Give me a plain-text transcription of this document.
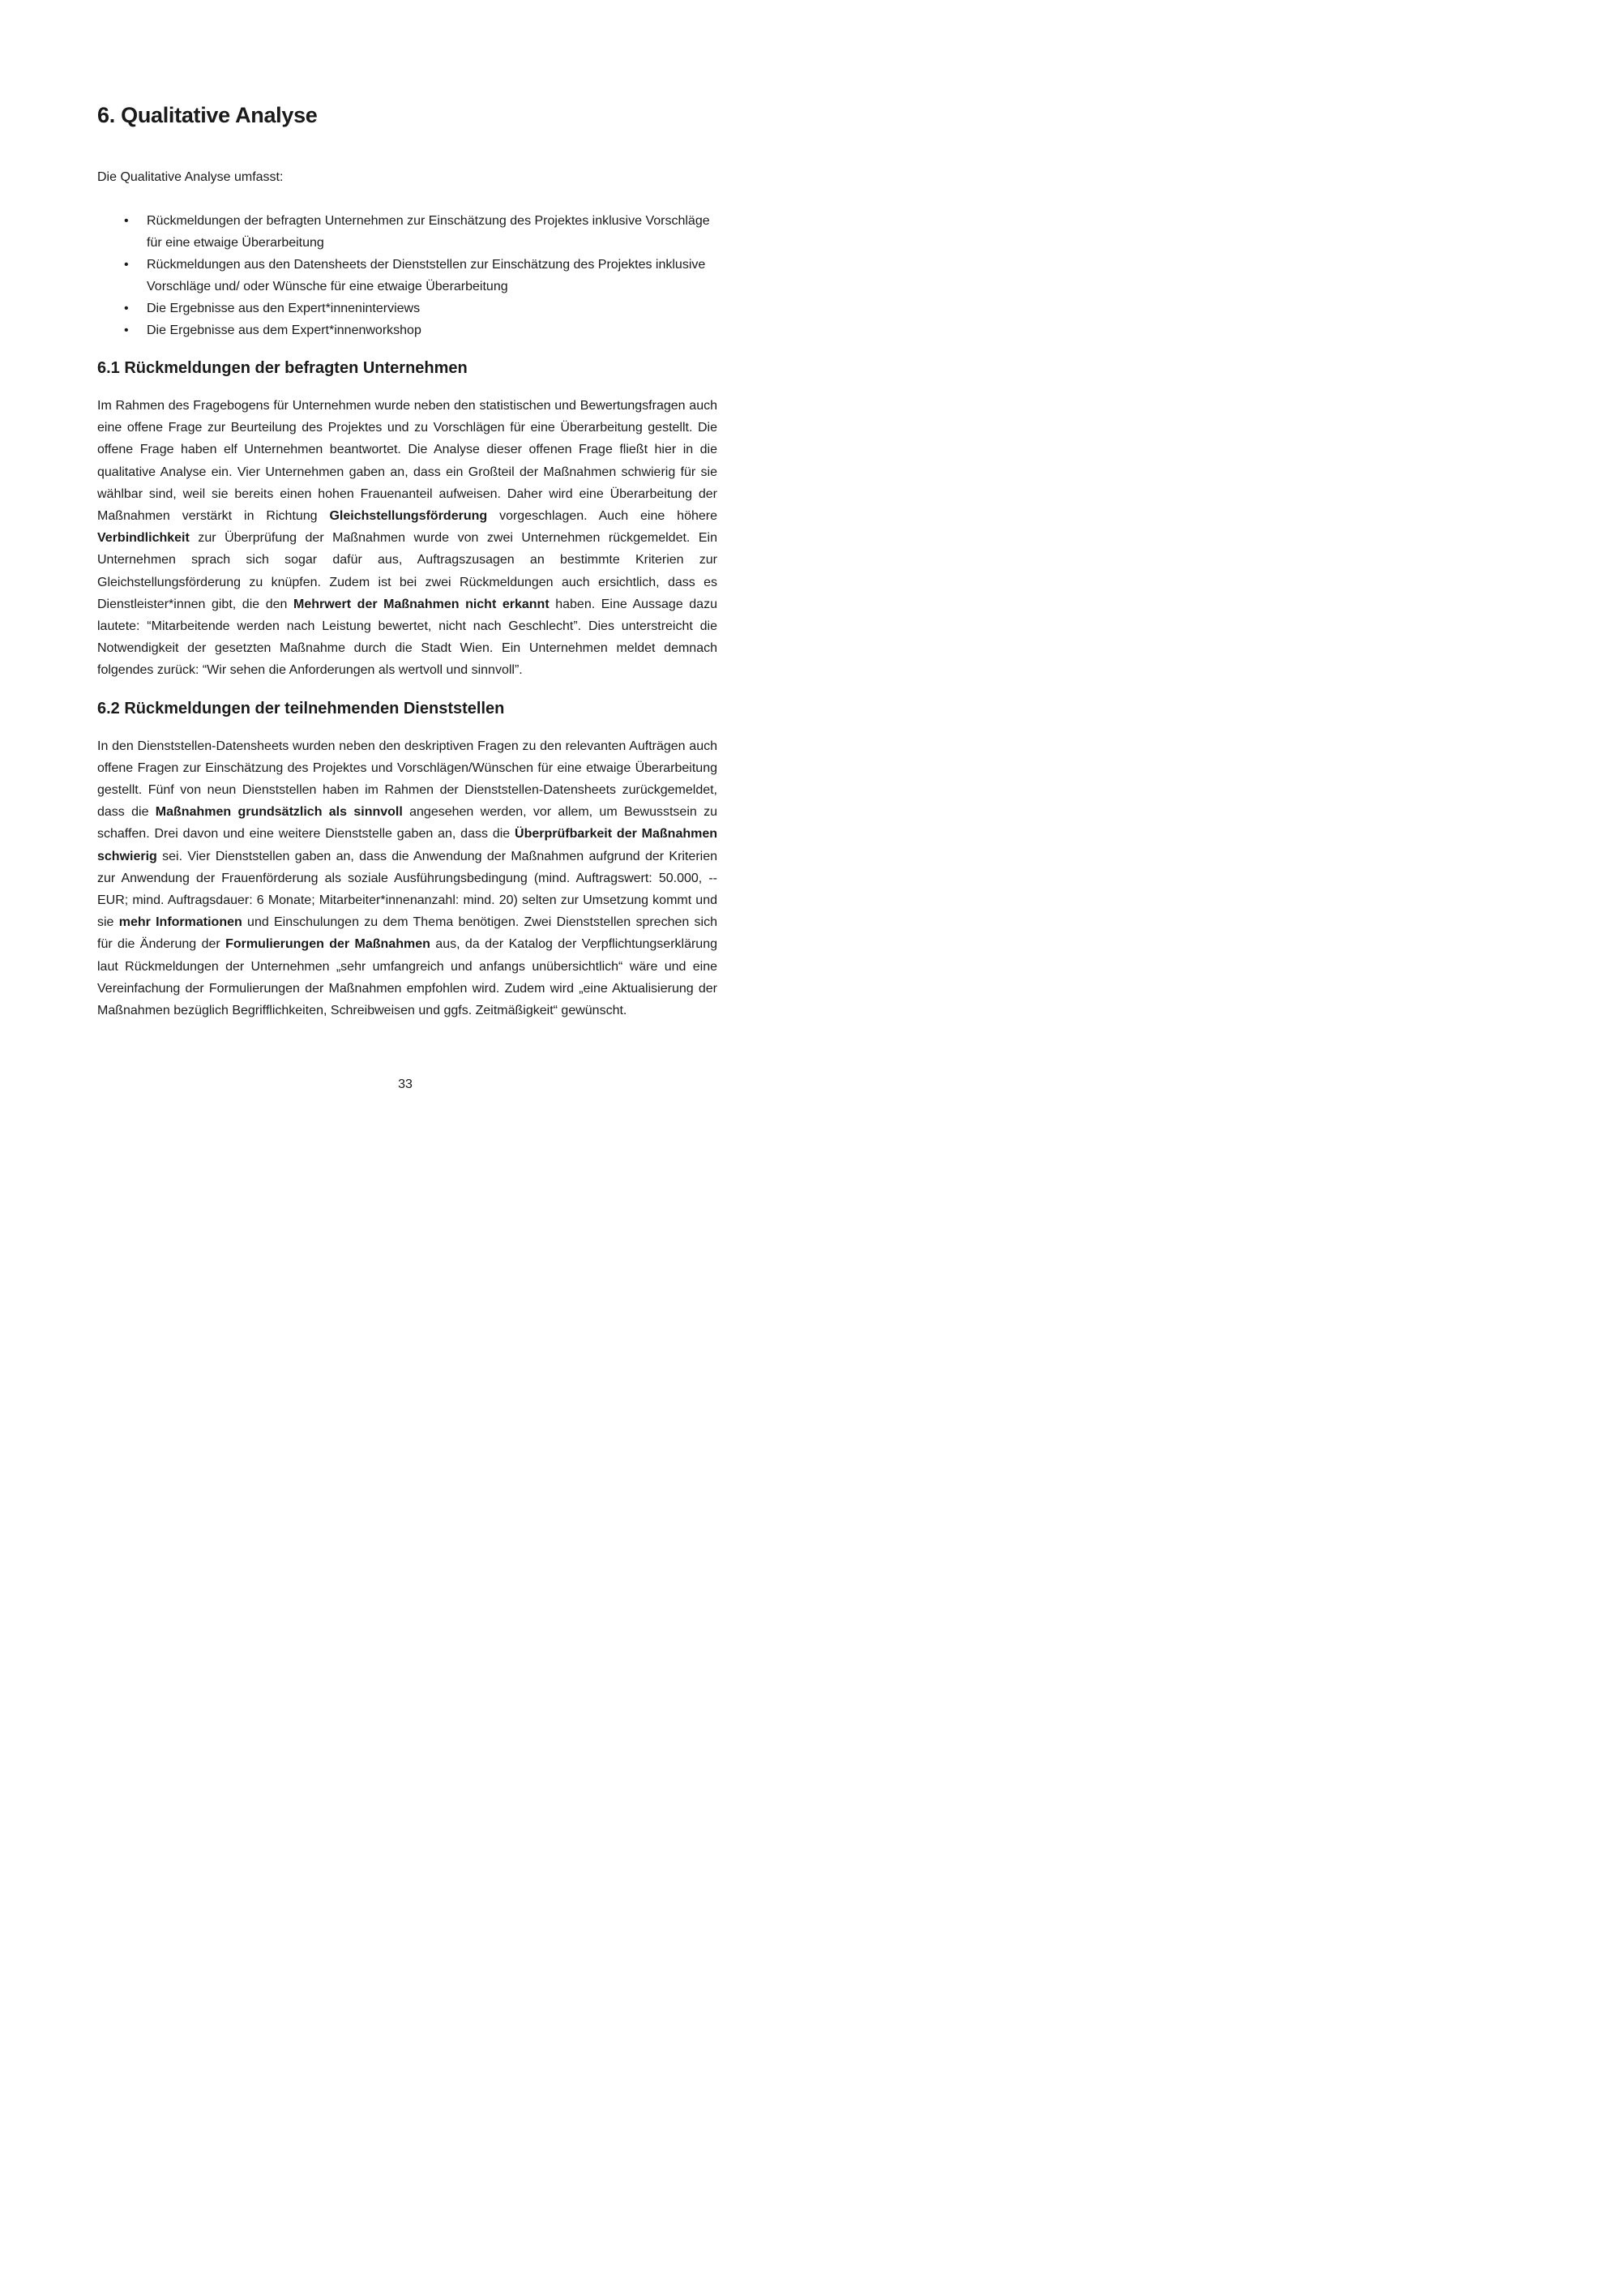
6. Qualitative Analyse

Die Qualitative Analyse umfasst:

• Rückmeldungen der befragten Unternehmen zur Einschätzung des Projektes inklusive Vorschläge für eine etwaige Überarbeitung
• Rückmeldungen aus den Datensheets der Dienststellen zur Einschätzung des Projektes inklusive Vorschläge und/ oder Wünsche für eine etwaige Überarbeitung
• Die Ergebnisse aus den Expert*inneninterviews
• Die Ergebnisse aus dem Expert*innenworkshop
6.1 Rückmeldungen der befragten Unternehmen

Im Rahmen des Fragebogens für Unternehmen wurde neben den statistischen und Bewertungsfragen auch eine offene Frage zur Beurteilung des Projektes und zu Vorschlägen für eine Überarbeitung gestellt. Die offene Frage haben elf Unternehmen beantwortet. Die Analyse dieser offenen Frage fließt hier in die qualitative Analyse ein. Vier Unternehmen gaben an, dass ein Großteil der Maßnahmen schwierig für sie wählbar sind, weil sie bereits einen hohen Frauenanteil aufweisen. Daher wird eine Überarbeitung der Maßnahmen verstärkt in Richtung Gleichstellungsförderung vorgeschlagen. Auch eine höhere Verbindlichkeit zur Überprüfung der Maßnahmen wurde von zwei Unternehmen rückgemeldet. Ein Unternehmen sprach sich sogar dafür aus, Auftragszusagen an bestimmte Kriterien zur Gleichstellungsförderung zu knüpfen. Zudem ist bei zwei Rückmeldungen auch ersichtlich, dass es Dienstleister*innen gibt, die den Mehrwert der Maßnahmen nicht erkannt haben. Eine Aussage dazu lautete: “Mitarbeitende werden nach Leistung bewertet, nicht nach Geschlecht”. Dies unterstreicht die Notwendigkeit der gesetzten Maßnahme durch die Stadt Wien. Ein Unternehmen meldet demnach folgendes zurück: “Wir sehen die Anforderungen als wertvoll und sinnvoll”.

6.2 Rückmeldungen der teilnehmenden Dienststellen

In den Dienststellen-Datensheets wurden neben den deskriptiven Fragen zu den relevanten Aufträgen auch offene Fragen zur Einschätzung des Projektes und Vorschlägen/Wünschen für eine etwaige Überarbeitung gestellt. Fünf von neun Dienststellen haben im Rahmen der Dienststellen-Datensheets zurückgemeldet, dass die Maßnahmen grundsätzlich als sinnvoll angesehen werden, vor allem, um Bewusstsein zu schaffen. Drei davon und eine weitere Dienststelle gaben an, dass die Überprüfbarkeit der Maßnahmen schwierig sei. Vier Dienststellen gaben an, dass die Anwendung der Maßnahmen aufgrund der Kriterien zur Anwendung der Frauenförderung als soziale Ausführungsbedingung (mind. Auftragswert: 50.000, -- EUR; mind. Auftragsdauer: 6 Monate; Mitarbeiter*innenanzahl: mind. 20) selten zur Umsetzung kommt und sie mehr Informationen und Einschulungen zu dem Thema benötigen. Zwei Dienststellen sprechen sich für die Änderung der Formulierungen der Maßnahmen aus, da der Katalog der Verpflichtungserklärung laut Rückmeldungen der Unternehmen „sehr umfangreich und anfangs unübersichtlich“ wäre und eine Vereinfachung der Formulierungen der Maßnahmen empfohlen wird. Zudem wird „eine Aktualisierung der Maßnahmen bezüglich Begrifflichkeiten, Schreibweisen und ggfs. Zeitmäßigkeit“ gewünscht.

33
